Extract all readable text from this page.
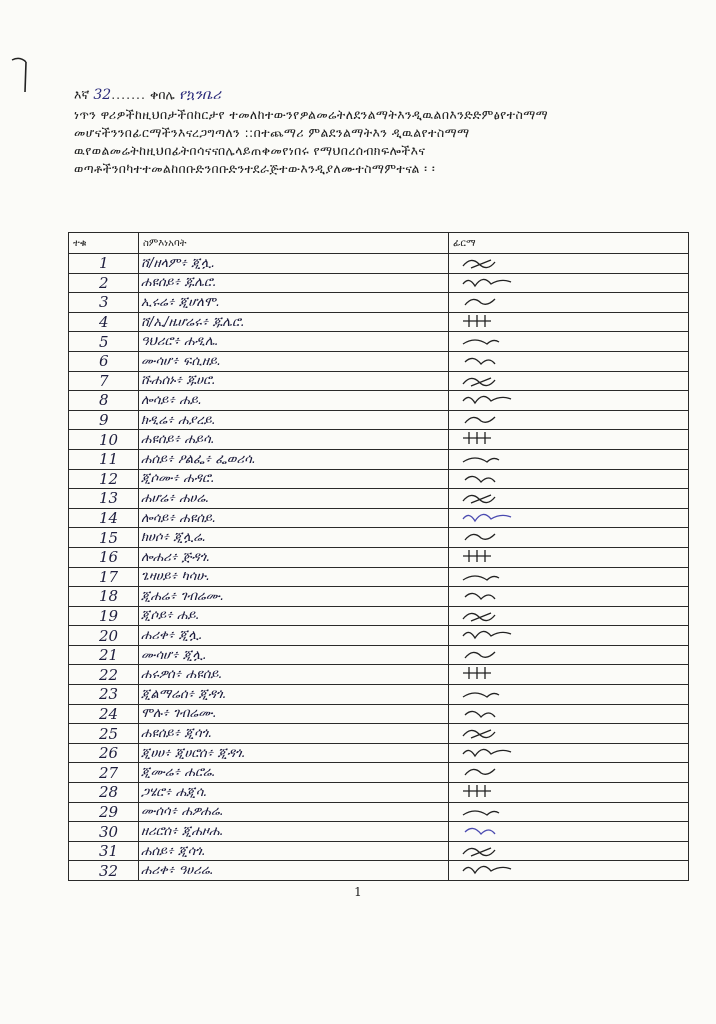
እኛ 32....... ቀበሌ የኳንቤሪ
ነጥን ዋሪዎችከዚህበታችበከርታየ ተመለከተውንየዎልመሬትለደንልማትእንዲዉልበእንድድምፅየተስማማ መሆናችንንበፊርማችንእናረጋግጣለን ::በተጨማሪ ምልደንልማትእን ዲዉልየተስማማ ዉየወልመሬትከዚህበፊትበሳናናበሌላይጠቀመየነበሩ የማህበረሰብክፍሎችእና ወጣቶችንበካተተመልከበቡድንበቡድንተደራጅተውእንዲያለሙተስማምተናል ፡ ፡
ተቁ	ስምእነአባት	ፊርማ
1	ሸ/ዘላም፥ ጂሏ.	

2	ሐዩሰይ፥ ጁሌሮ.	

3	ኢሩሬ፥ ጂሆለሞ.	

4	ሸ/ኢ/ዜሆሬሩ፥ ጁሌሮ.	

5	ዓህሪሮ፥ ሐዲሌ.	

6	ሙሳሆ፥ ፍሲዘይ.	

7	ሹሐሰኑ፥ ጁሀሮ.	

8	ሎሳይ፥ ሐይ.	

9	ክዲሬ፥ ሐያረይ.	

10	ሐዩሰይ፥ ሐይሳ.	

11	ሐሰይ፥ ዖልፌ፥ ፌወሪሳ.	

12	ጂሶሙ፥ ሐዳሮ.	

13	ሐሆሬ፥ ሐሀሬ.	

14	ሎሳይ፥ ሐዩሰይ.	

15	ክሀሶ፥ ጂሏሬ.	

16	ሎሐሪ፥ ጅዳጎ.	

17	ጌዛሀይ፥ ካሳሁ.	

18	ጂሐሬ፥ ገብሬሙ.	

19	ጂሶይ፥ ሐይ.	

20	ሐሪቀ፥ ጂሏ.	

21	ሙሳሆ፥ ጂሏ.	

22	ሐሩዎሰ፥ ሐዩሰይ.	

23	ጂልማሬሰ፥ ጂዳጎ.	

24	ሞሉ፥ ገብሬሙ.	

25	ሐዩሰይ፥ ጂሳጎ.	

26	ጂሀሀ፥ ጂሀሮሰ፥ ጂዳጎ.	

27	ጂሙሬ፥ ሐሮሬ.	

28	ጋሄሮ፥ ሐጂሳ.	

29	ሙሰሳ፥ ሐዎሐሬ.	

30	ዘሪሮሰ፥ ጂሐዞሐ.	

31	ሐሰይ፥ ጂሳጎ.	

32	ሐሪቀ፥ ዓሀሪሬ.	
1
